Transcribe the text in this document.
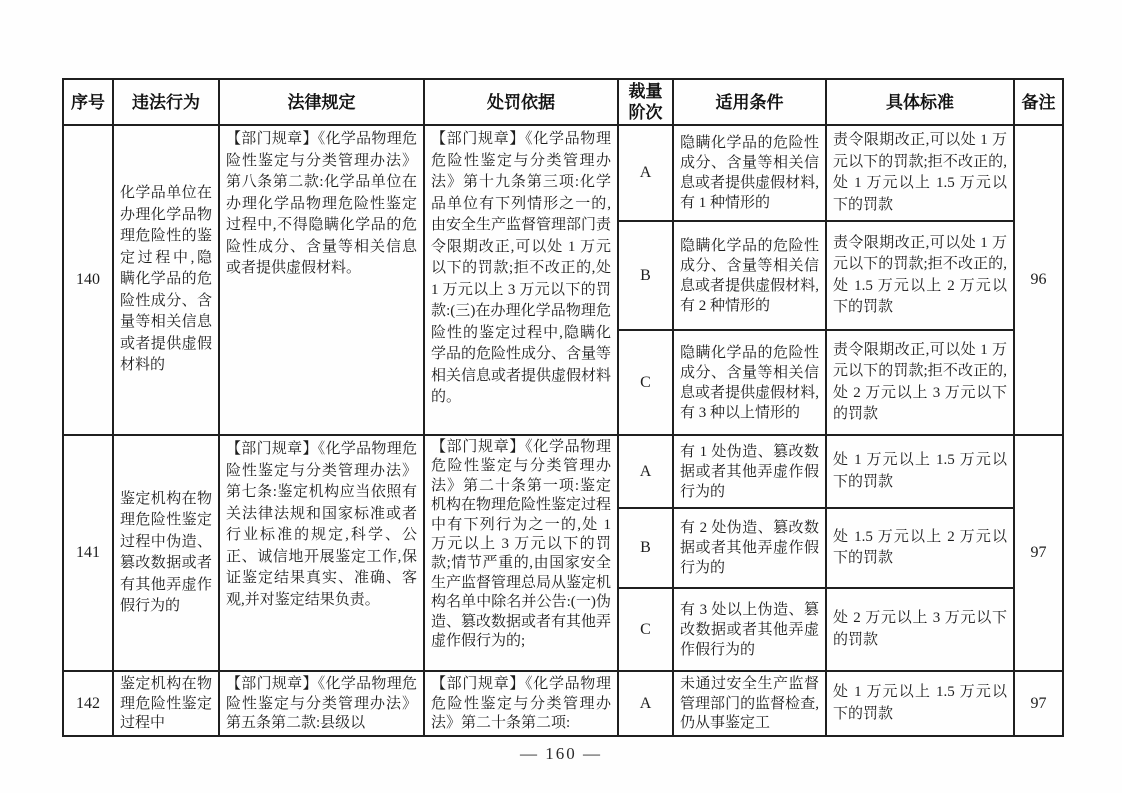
序号	违法行为	法律规定	处罚依据	裁量阶次	适用条件	具体标准	备注
140	化学品单位在办理化学品物理危险性的鉴定过程中,隐瞒化学品的危险性成分、含量等相关信息或者提供虚假材料的	【部门规章】《化学品物理危险性鉴定与分类管理办法》第八条第二款:化学品单位在办理化学品物理危险性鉴定过程中,不得隐瞒化学品的危险性成分、含量等相关信息或者提供虚假材料。	【部门规章】《化学品物理危险性鉴定与分类管理办法》第十九条第三项:化学品单位有下列情形之一的,由安全生产监督管理部门责令限期改正,可以处 1 万元以下的罚款;拒不改正的,处 1 万元以上 3 万元以下的罚款:(三)在办理化学品物理危险性的鉴定过程中,隐瞒化学品的危险性成分、含量等相关信息或者提供虚假材料的。	A	隐瞒化学品的危险性成分、含量等相关信息或者提供虚假材料,有 1 种情形的	责令限期改正,可以处 1 万元以下的罚款;拒不改正的,处 1 万元以上 1.5 万元以下的罚款	96
				B	隐瞒化学品的危险性成分、含量等相关信息或者提供虚假材料,有 2 种情形的	责令限期改正,可以处 1 万元以下的罚款;拒不改正的,处 1.5 万元以上 2 万元以下的罚款	
				C	隐瞒化学品的危险性成分、含量等相关信息或者提供虚假材料,有 3 种以上情形的	责令限期改正,可以处 1 万元以下的罚款;拒不改正的,处 2 万元以上 3 万元以下的罚款	
141	鉴定机构在物理危险性鉴定过程中伪造、篡改数据或者有其他弄虚作假行为的	【部门规章】《化学品物理危险性鉴定与分类管理办法》第七条:鉴定机构应当依照有关法律法规和国家标准或者行业标准的规定,科学、公正、诚信地开展鉴定工作,保证鉴定结果真实、准确、客观,并对鉴定结果负责。	【部门规章】《化学品物理危险性鉴定与分类管理办法》第二十条第一项:鉴定机构在物理危险性鉴定过程中有下列行为之一的,处 1 万元以上 3 万元以下的罚款;情节严重的,由国家安全生产监督管理总局从鉴定机构名单中除名并公告:(一)伪造、篡改数据或者有其他弄虚作假行为的;	A	有 1 处伪造、篡改数据或者其他弄虚作假行为的	处 1 万元以上 1.5 万元以下的罚款	97
				B	有 2 处伪造、篡改数据或者其他弄虚作假行为的	处 1.5 万元以上 2 万元以下的罚款	
				C	有 3 处以上伪造、篡改数据或者其他弄虚作假行为的	处 2 万元以上 3 万元以下的罚款	
142	鉴定机构在物理危险性鉴定过程中	【部门规章】《化学品物理危险性鉴定与分类管理办法》第五条第二款:县级以	【部门规章】《化学品物理危险性鉴定与分类管理办法》第二十条第二项:	A	未通过安全生产监督管理部门的监督检查,仍从事鉴定工	处 1 万元以上 1.5 万元以下的罚款	97
— 160 —
